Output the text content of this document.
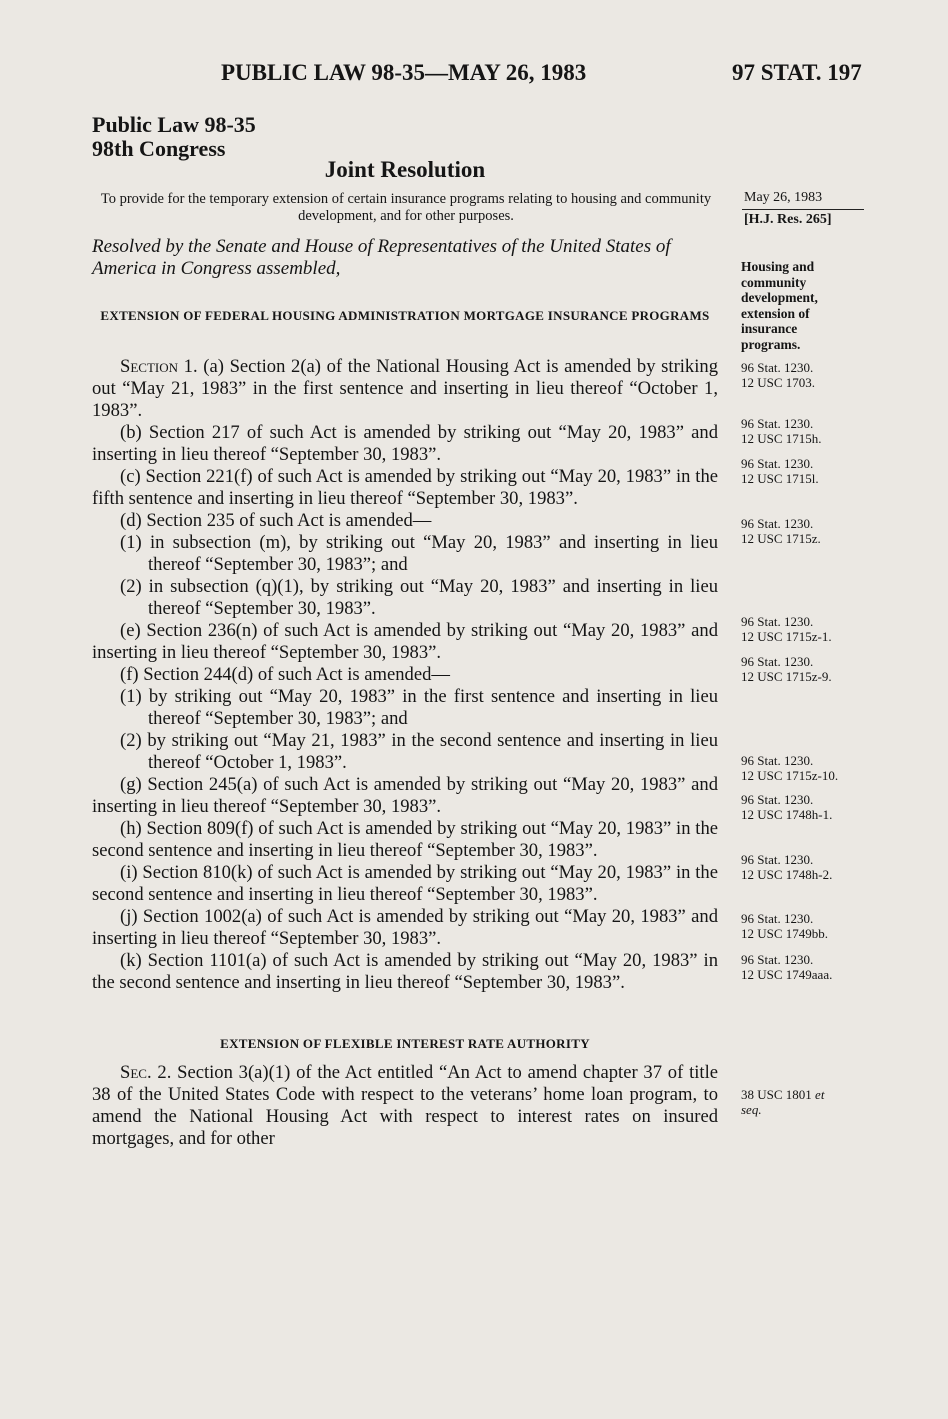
PUBLIC LAW 98-35—MAY 26, 1983	97 STAT. 197
Public Law 98-35
98th Congress
Joint Resolution
To provide for the temporary extension of certain insurance programs relating to housing and community development, and for other purposes.
May 26, 1983
[H.J. Res. 265]
Housing and
community
development,
extension of
insurance
programs.
96 Stat. 1230.
12 USC 1703.
96 Stat. 1230.
12 USC 1715h.
96 Stat. 1230.
12 USC 1715l.
96 Stat. 1230.
12 USC 1715z.
96 Stat. 1230.
12 USC 1715z-1.
96 Stat. 1230.
12 USC 1715z-9.
96 Stat. 1230.
12 USC 1715z-10.
96 Stat. 1230.
12 USC 1748h-1.
96 Stat. 1230.
12 USC 1748h-2.
96 Stat. 1230.
12 USC 1749bb.
96 Stat. 1230.
12 USC 1749aaa.
38 USC 1801 et
seq.
Resolved by the Senate and House of Representatives of the United States of America in Congress assembled,
EXTENSION OF FEDERAL HOUSING ADMINISTRATION MORTGAGE INSURANCE PROGRAMS

Section 1. (a) Section 2(a) of the National Housing Act is amended by striking out “May 21, 1983” in the first sentence and inserting in lieu thereof “October 1, 1983”.

(b) Section 217 of such Act is amended by striking out “May 20, 1983” and inserting in lieu thereof “September 30, 1983”.

(c) Section 221(f) of such Act is amended by striking out “May 20, 1983” in the fifth sentence and inserting in lieu thereof “September 30, 1983”.

(d) Section 235 of such Act is amended—

(1) in subsection (m), by striking out “May 20, 1983” and inserting in lieu thereof “September 30, 1983”; and

(2) in subsection (q)(1), by striking out “May 20, 1983” and inserting in lieu thereof “September 30, 1983”.

(e) Section 236(n) of such Act is amended by striking out “May 20, 1983” and inserting in lieu thereof “September 30, 1983”.

(f) Section 244(d) of such Act is amended—

(1) by striking out “May 20, 1983” in the first sentence and inserting in lieu thereof “September 30, 1983”; and

(2) by striking out “May 21, 1983” in the second sentence and inserting in lieu thereof “October 1, 1983”.

(g) Section 245(a) of such Act is amended by striking out “May 20, 1983” and inserting in lieu thereof “September 30, 1983”.

(h) Section 809(f) of such Act is amended by striking out “May 20, 1983” in the second sentence and inserting in lieu thereof “September 30, 1983”.

(i) Section 810(k) of such Act is amended by striking out “May 20, 1983” in the second sentence and inserting in lieu thereof “September 30, 1983”.

(j) Section 1002(a) of such Act is amended by striking out “May 20, 1983” and inserting in lieu thereof “September 30, 1983”.

(k) Section 1101(a) of such Act is amended by striking out “May 20, 1983” in the second sentence and inserting in lieu thereof “September 30, 1983”.

EXTENSION OF FLEXIBLE INTEREST RATE AUTHORITY

Sec. 2. Section 3(a)(1) of the Act entitled “An Act to amend chapter 37 of title 38 of the United States Code with respect to the veterans’ home loan program, to amend the National Housing Act with respect to interest rates on insured mortgages, and for other
